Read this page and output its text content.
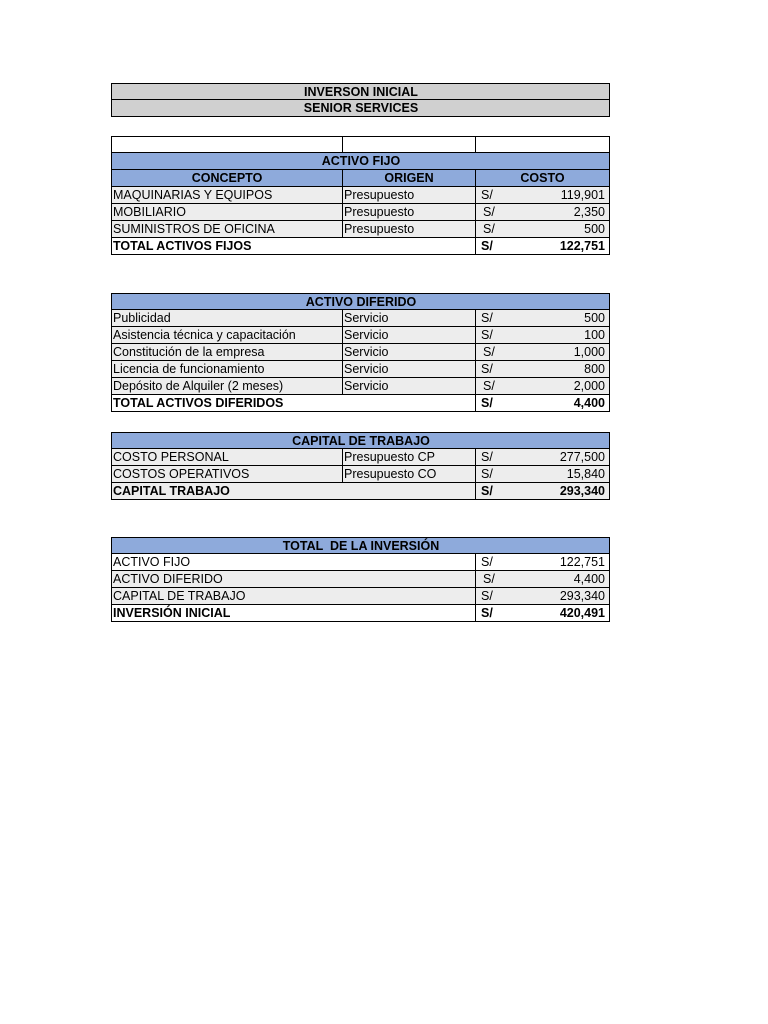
INVERSON INICIAL
SENIOR SERVICES
ACTIVO FIJO
CONCEPTO	ORIGEN	COSTO
MAQUINARIAS Y EQUIPOS	Presupuesto	S/	119,901
MOBILIARIO	Presupuesto	S/	2,350
SUMINISTROS DE OFICINA	Presupuesto	S/	500
TOTAL ACTIVOS FIJOS	S/	122,751
ACTIVO DIFERIDO
Publicidad	Servicio	S/	500
Asistencia técnica y capacitación	Servicio	S/	100
Constitución de la empresa	Servicio	S/	1,000
Licencia de funcionamiento	Servicio	S/	800
Depósito de Alquiler (2 meses)	Servicio	S/	2,000
TOTAL ACTIVOS DIFERIDOS	S/	4,400
CAPITAL DE TRABAJO
COSTO PERSONAL	Presupuesto CP	S/	277,500
COSTOS OPERATIVOS	Presupuesto CO	S/	15,840
CAPITAL TRABAJO	S/	293,340
TOTAL  DE LA INVERSIÓN
ACTIVO FIJO	S/	122,751
ACTIVO DIFERIDO	S/	4,400
CAPITAL DE TRABAJO	S/	293,340
INVERSIÓN INICIAL	S/	420,491
